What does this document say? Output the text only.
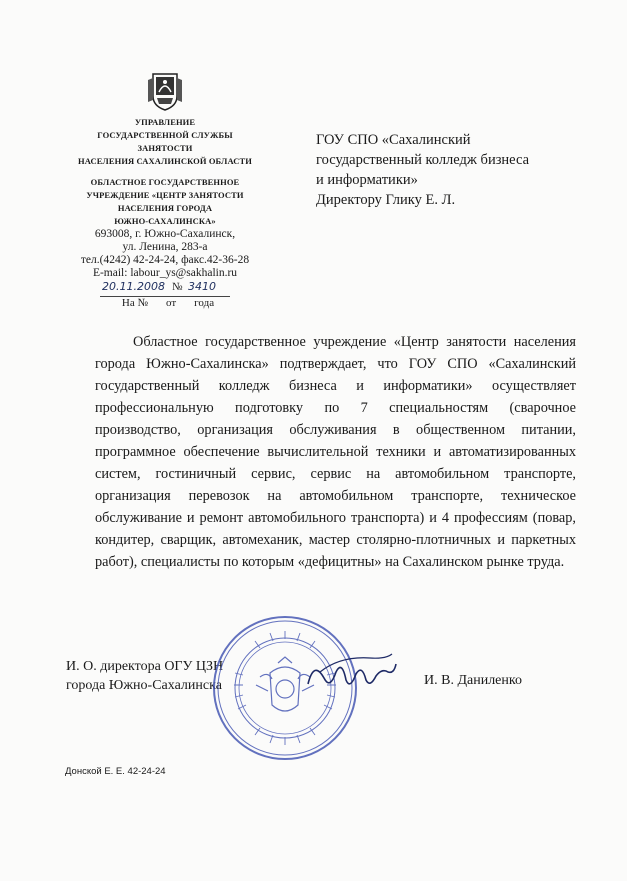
УПРАВЛЕНИЕ
ГОСУДАРСТВЕННОЙ СЛУЖБЫ ЗАНЯТОСТИ
НАСЕЛЕНИЯ САХАЛИНСКОЙ ОБЛАСТИ
ОБЛАСТНОЕ ГОСУДАРСТВЕННОЕ
УЧРЕЖДЕНИЕ «ЦЕНТР ЗАНЯТОСТИ
НАСЕЛЕНИЯ ГОРОДА
ЮЖНО-САХАЛИНСКА»
693008, г. Южно-Сахалинск,
ул. Ленина, 283-а
тел.(4242) 42-24-24, факс.42-36-28
E-mail: labour_ys@sakhalin.ru
20.11.2008 № 3410
На № от года
ГОУ СПО «Сахалинский
государственный колледж бизнеса
и информатики»
Директору Глику Е. Л.
Областное государственное учреждение «Центр занятости населения города Южно-Сахалинска» подтверждает, что ГОУ СПО «Сахалинский государственный колледж бизнеса и информатики» осуществляет профессиональную подготовку по 7 специальностям (сварочное производство, организация обслуживания в общественном питании, программное обеспечение вычислительной техники и автоматизированных систем, гостиничный сервис, сервис на автомобильном транспорте, организация перевозок на автомобильном транспорте, техническое обслуживание и ремонт автомобильного транспорта) и 4 профессиям (повар, кондитер, сварщик, автомеханик, мастер столярно-плотничных и паркетных работ), специалисты по которым «дефицитны» на Сахалинском рынке труда.
И. О. директора ОГУ ЦЗН
города Южно-Сахалинска	И. В. Даниленко
Донской Е. Е. 42-24-24
